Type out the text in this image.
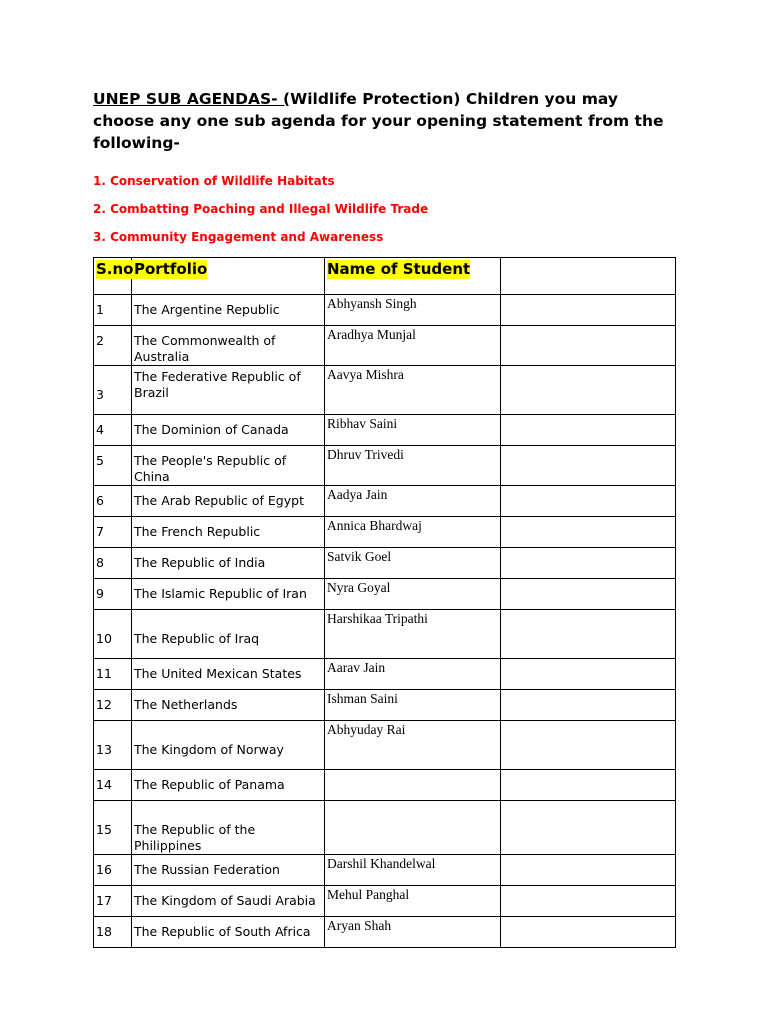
UNEP SUB AGENDAS- (Wildlife Protection) Children you may choose any one sub agenda for your opening statement from the following-

1. Conservation of Wildlife Habitats

2. Combatting Poaching and Illegal Wildlife Trade

3. Community Engagement and Awareness

S.no	Portfolio	Name of Student	

1	The Argentine Republic	Abhyansh Singh	

2	The Commonwealth of Australia	Aradhya Munjal	

3	The Federative Republic of Brazil	Aavya Mishra	

4	The Dominion of Canada	Ribhav Saini	

5	The People's Republic of China	Dhruv Trivedi	

6	The Arab Republic of Egypt	Aadya Jain	

7	The French Republic	Annica Bhardwaj	

8	The Republic of India	Satvik Goel	

9	The Islamic Republic of Iran	Nyra Goyal	

10	The Republic of Iraq	Harshikaa Tripathi	

11	The United Mexican States	Aarav Jain	

12	The Netherlands	Ishman Saini	

13	The Kingdom of Norway	Abhyuday Rai	

14	The Republic of Panama		

15	The Republic of the Philippines		

16	The Russian Federation	Darshil Khandelwal	

17	The Kingdom of Saudi Arabia	Mehul Panghal	

18	The Republic of South Africa	Aryan Shah	
